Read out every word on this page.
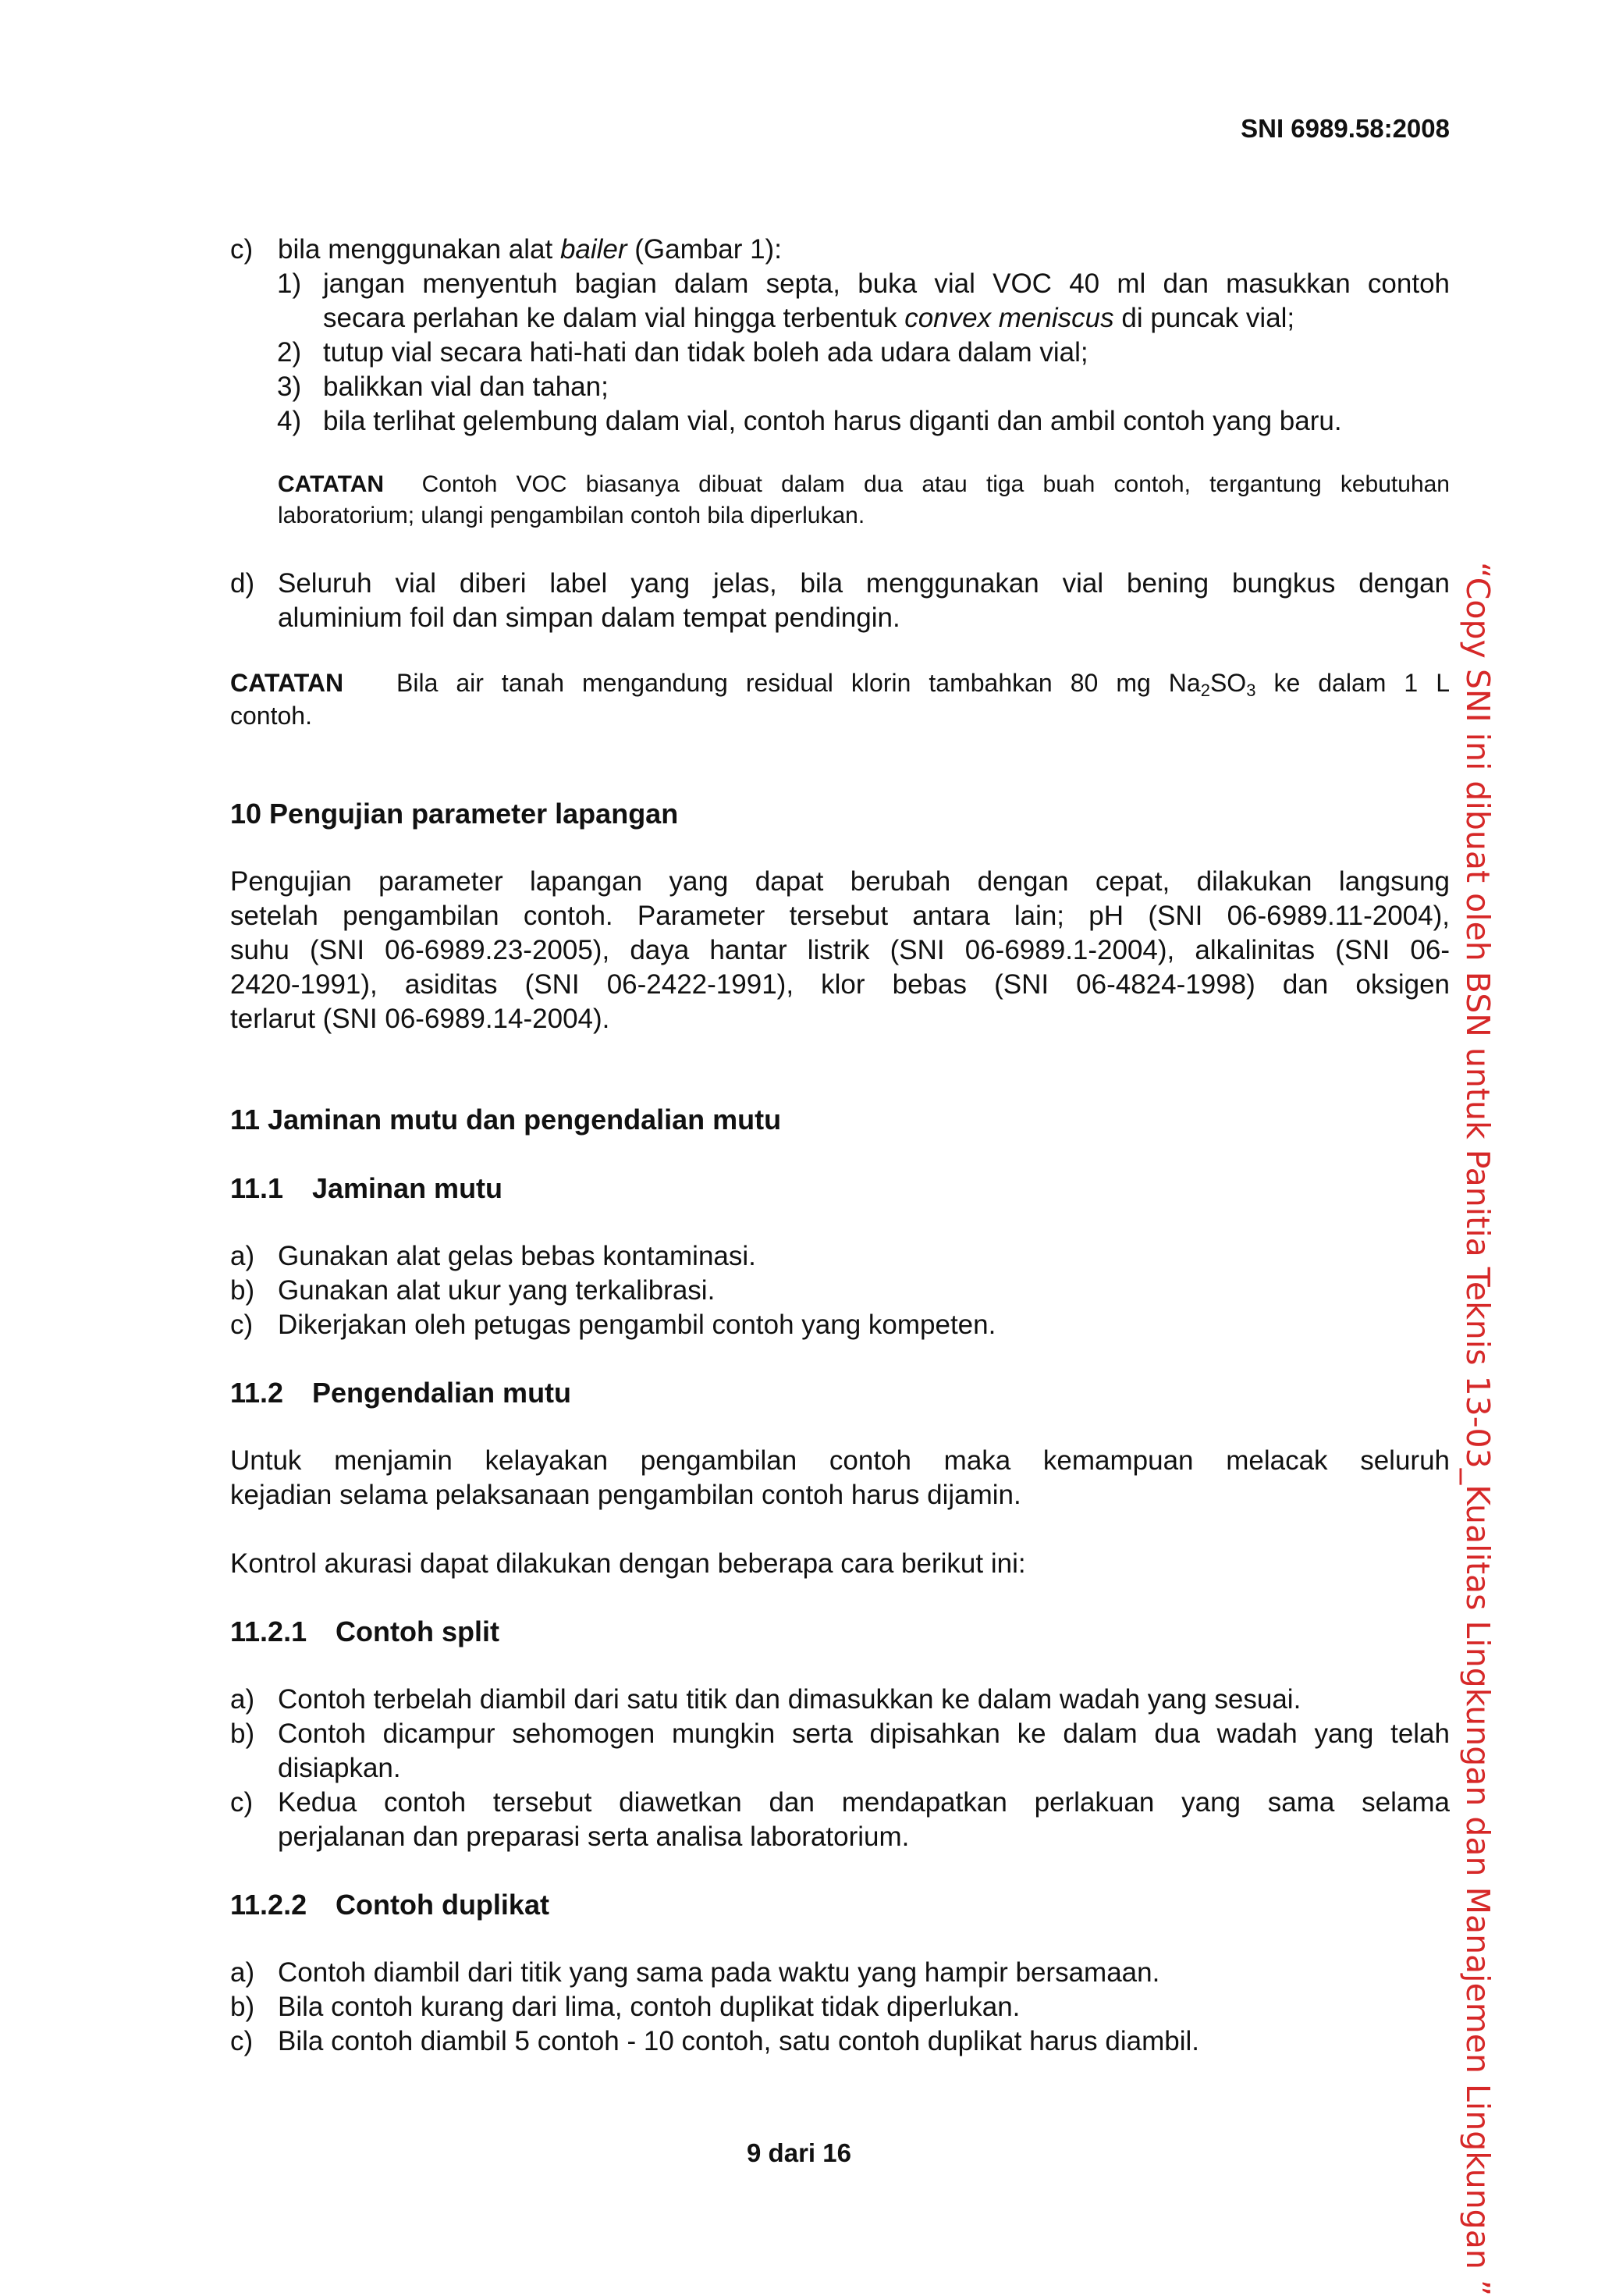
SNI 6989.58:2008
c) bila menggunakan alat bailer (Gambar 1):
1) jangan menyentuh bagian dalam septa, buka vial VOC 40 ml dan masukkan contoh
secara perlahan ke dalam vial hingga terbentuk convex meniscus di puncak vial;
2) tutup vial secara hati-hati dan tidak boleh ada udara dalam vial;
3) balikkan vial dan tahan;
4) bila terlihat gelembung dalam vial, contoh harus diganti dan ambil contoh yang baru.
CATATAN Contoh VOC biasanya dibuat dalam dua atau tiga buah contoh, tergantung kebutuhan
laboratorium; ulangi pengambilan contoh bila diperlukan.
d) Seluruh vial diberi label yang jelas, bila menggunakan vial bening bungkus dengan
aluminium foil dan simpan dalam tempat pendingin.
CATATAN Bila air tanah mengandung residual klorin tambahkan 80 mg $Na_2SO_3$ ke dalam 1 L
contoh.
10 Pengujian parameter lapangan
Pengujian parameter lapangan yang dapat berubah dengan cepat, dilakukan langsung
setelah pengambilan contoh. Parameter tersebut antara lain; pH (SNI 06-6989.11-2004),
suhu (SNI 06-6989.23-2005), daya hantar listrik (SNI 06-6989.1-2004), alkalinitas (SNI 06-
2420-1991), asiditas (SNI 06-2422-1991), klor bebas (SNI 06-4824-1998) dan oksigen
terlarut (SNI 06-6989.14-2004).
11 Jaminan mutu dan pengendalian mutu
11.1 Jaminan mutu
a) Gunakan alat gelas bebas kontaminasi.
b) Gunakan alat ukur yang terkalibrasi.
c) Dikerjakan oleh petugas pengambil contoh yang kompeten.
11.2 Pengendalian mutu
Untuk menjamin kelayakan pengambilan contoh maka kemampuan melacak seluruh
kejadian selama pelaksanaan pengambilan contoh harus dijamin.
Kontrol akurasi dapat dilakukan dengan beberapa cara berikut ini:
11.2.1 Contoh split
a) Contoh terbelah diambil dari satu titik dan dimasukkan ke dalam wadah yang sesuai.
b) Contoh dicampur sehomogen mungkin serta dipisahkan ke dalam dua wadah yang telah
disiapkan.
c) Kedua contoh tersebut diawetkan dan mendapatkan perlakuan yang sama selama
perjalanan dan preparasi serta analisa laboratorium.
11.2.2 Contoh duplikat
a) Contoh diambil dari titik yang sama pada waktu yang hampir bersamaan.
b) Bila contoh kurang dari lima, contoh duplikat tidak diperlukan.
c) Bila contoh diambil 5 contoh - 10 contoh, satu contoh duplikat harus diambil.
9 dari 16	“Copy SNI ini dibuat oleh BSN untuk Panitia Teknis 13-03_Kualitas Lingkungan dan Manajemen Lingkungan ”
